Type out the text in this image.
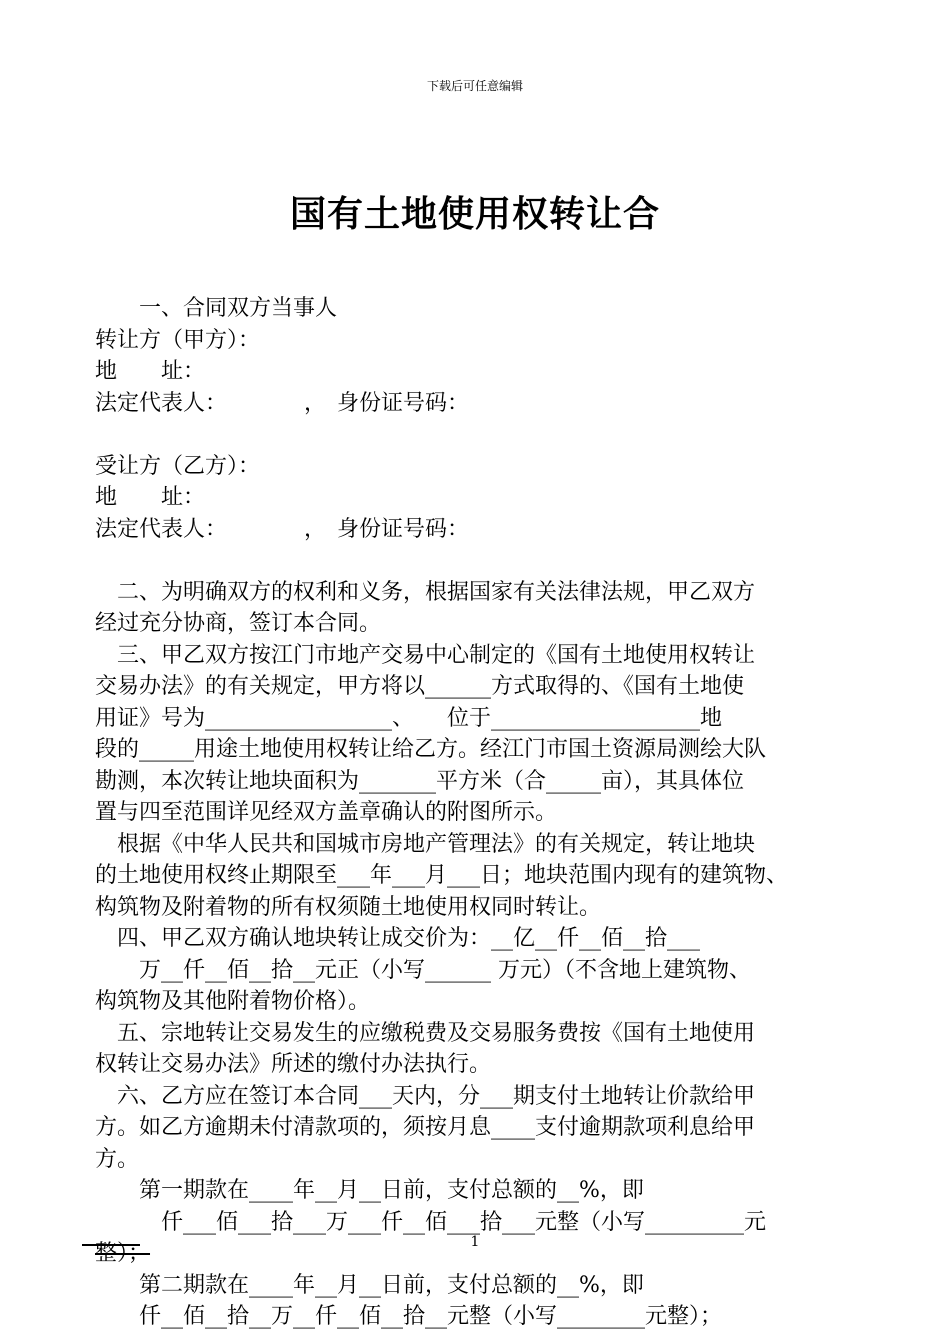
下载后可任意编辑
国有土地使用权转让合
　　一、合同双方当事人
转让方（甲方）：
地　　址：
法定代表人：　　　　，　身份证号码：
受让方（乙方）：
地　　址：
法定代表人：　　　　，　身份证号码：
　二、为明确双方的权利和义务，根据国家有关法律法规，甲乙双方
经过充分协商，签订本合同。
　三、甲乙双方按江门市地产交易中心制定的《国有土地使用权转让
交易办法》的有关规定，甲方将以______方式取得的、《国有土地使
用证》号为_________________、　　位于___________________地
段的_____用途土地使用权转让给乙方。经江门市国土资源局测绘大队
勘测，本次转让地块面积为_______平方米（合_____亩），其具体位
置与四至范围详见经双方盖章确认的附图所示。
　根据《中华人民共和国城市房地产管理法》的有关规定，转让地块
的土地使用权终止期限至___年___月___日；地块范围内现有的建筑物、
构筑物及附着物的所有权须随土地使用权同时转让。
　四、甲乙双方确认地块转让成交价为：__亿__仟__佰__拾___
　　万__仟__佰__拾__元正（小写______ 万元）（不含地上建筑物、
构筑物及其他附着物价格）。
　五、宗地转让交易发生的应缴税费及交易服务费按《国有土地使用
权转让交易办法》所述的缴付办法执行。
　六、乙方应在签订本合同___天内，分___期支付土地转让价款给甲
方。如乙方逾期未付清款项的，须按月息____支付逾期款项利息给甲
方。
　　第一期款在____年__月__日前，支付总额的__%，即
　　　仟___佰___拾___万___仟__佰___拾___元整（小写_________元
整）；
　　第二期款在____年__月__日前，支付总额的__%，即
　　仟__佰__拾__万__仟__佰__拾__元整（小写________元整）；
1
